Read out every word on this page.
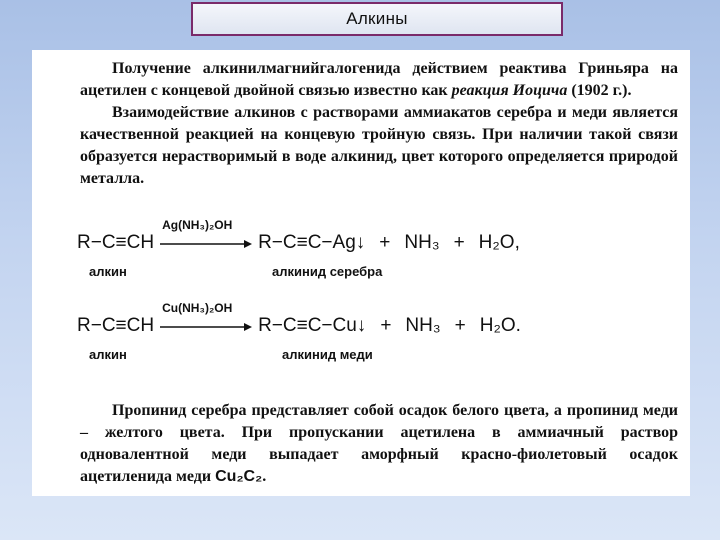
Алкины

Получение алкинилмагнийгалогенида действием реактива Гриньяра на ацетилен с концевой двойной связью известно как реакция Иоцича (1902 г.).

Взаимодействие алкинов с растворами аммиакатов серебра и меди является качественной реакцией на концевую тройную связь. При наличии такой связи образуется нерастворимый в воде алкинид, цвет которого определяется природой металла.

R−C≡CH
Ag(NH₃)₂OH
R−C≡C−Ag↓ + NH₃ + H₂O ,
алкин	алкинид серебра
R−C≡CH
Cu(NH₃)₂OH
R−C≡C−Cu↓ + NH₃ + H₂O .
алкин	алкинид меди

Пропинид серебра представляет собой осадок белого цвета, а пропинид меди – желтого цвета. При пропускании ацетилена в аммиачный раствор одновалентной меди выпадает аморфный красно-фиолетовый осадок ацетиленида меди Cu₂C₂.
